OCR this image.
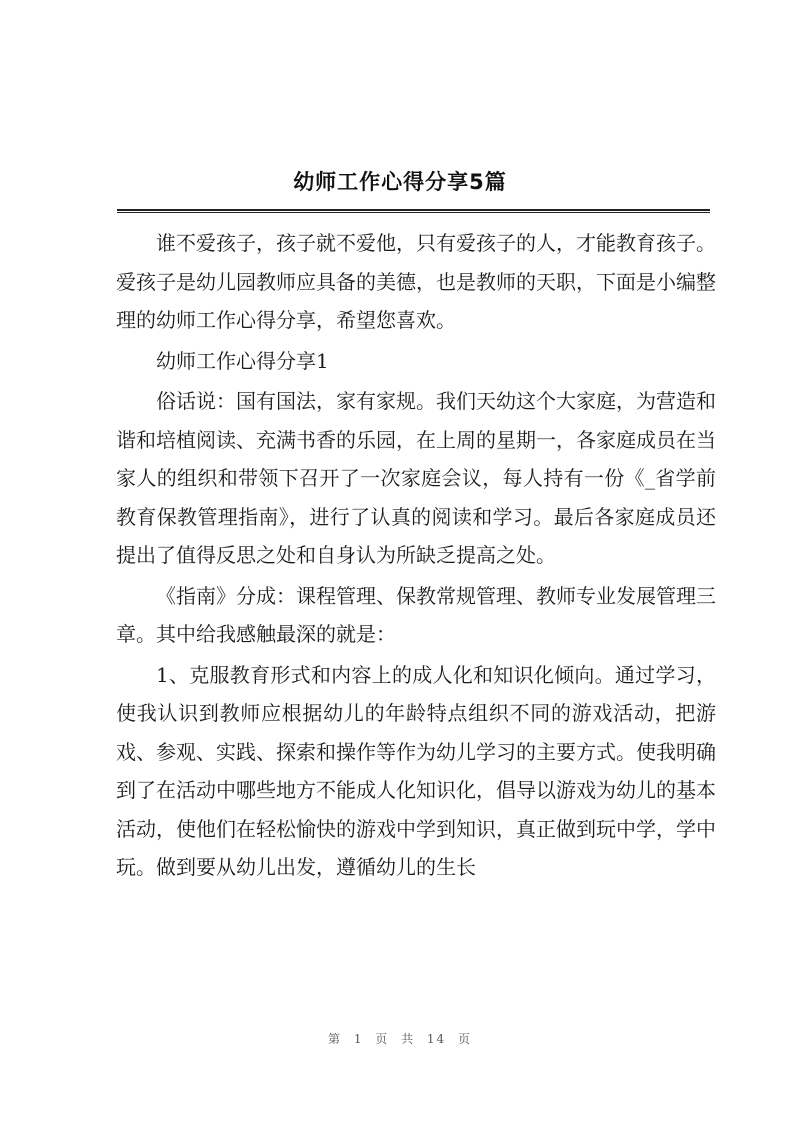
幼师工作心得分享5篇

谁不爱孩子，孩子就不爱他，只有爱孩子的人，才能教育孩子。爱孩子是幼儿园教师应具备的美德，也是教师的天职，下面是小编整理的幼师工作心得分享，希望您喜欢。

幼师工作心得分享1

俗话说：国有国法，家有家规。我们天幼这个大家庭，为营造和谐和培植阅读、充满书香的乐园，在上周的星期一，各家庭成员在当家人的组织和带领下召开了一次家庭会议，每人持有一份《_省学前教育保教管理指南》，进行了认真的阅读和学习。最后各家庭成员还提出了值得反思之处和自身认为所缺乏提高之处。

《指南》分成：课程管理、保教常规管理、教师专业发展管理三章。其中给我感触最深的就是：

1、克服教育形式和内容上的成人化和知识化倾向。通过学习，使我认识到教师应根据幼儿的年龄特点组织不同的游戏活动，把游戏、参观、实践、探索和操作等作为幼儿学习的主要方式。使我明确到了在活动中哪些地方不能成人化知识化，倡导以游戏为幼儿的基本活动，使他们在轻松愉快的游戏中学到知识，真正做到玩中学，学中玩。做到要从幼儿出发，遵循幼儿的生长

第 1 页 共 14 页
